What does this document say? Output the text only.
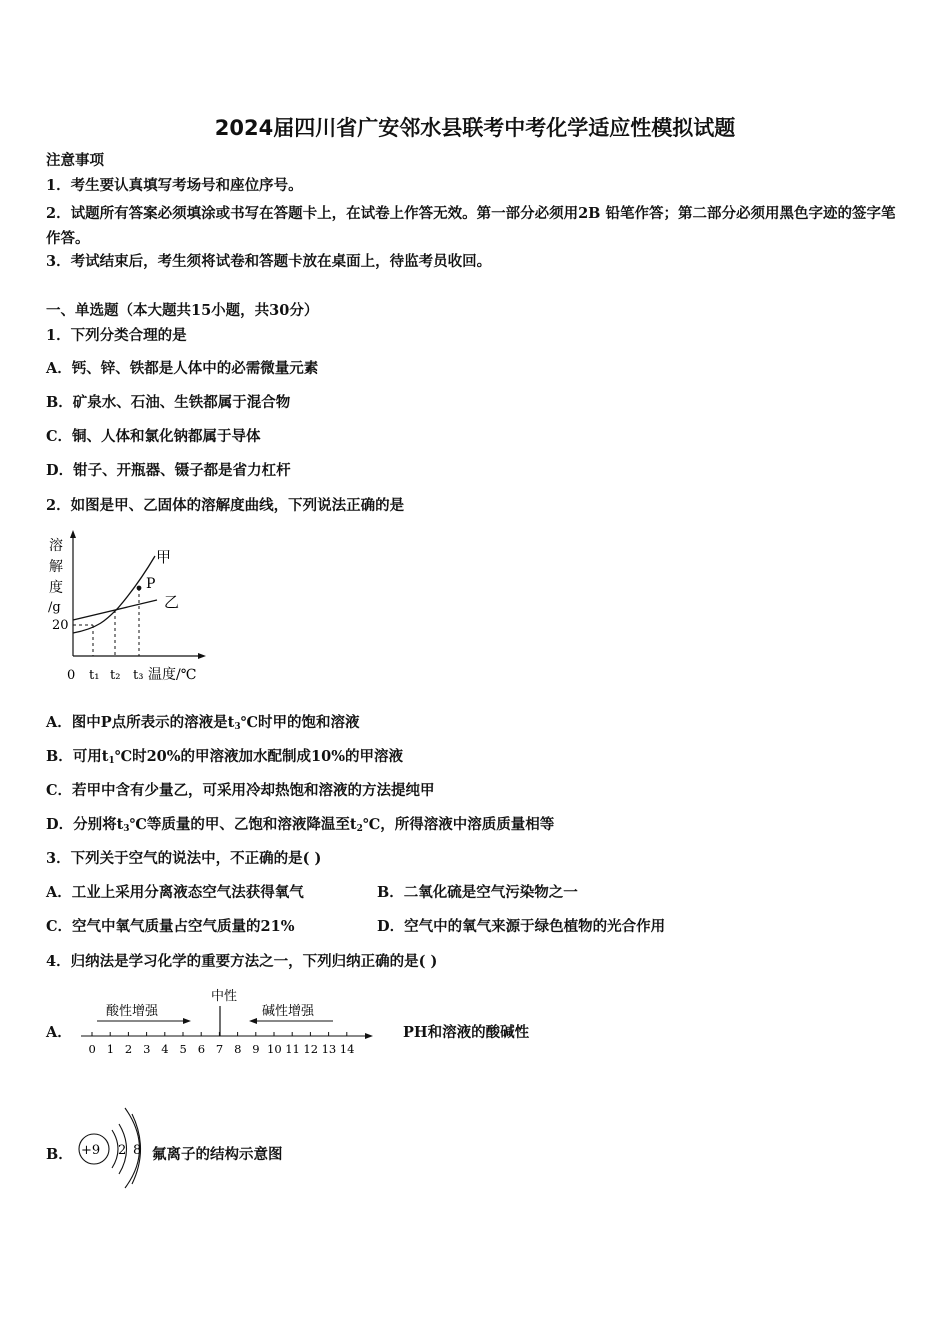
2024届四川省广安邻水县联考中考化学适应性模拟试题
注意事项
1．考生要认真填写考场号和座位序号。
2．试题所有答案必须填涂或书写在答题卡上，在试卷上作答无效。第一部分必须用2B 铅笔作答；第二部分必须用黑色字迹的签字笔作答。
3．考试结束后，考生须将试卷和答题卡放在桌面上，待监考员收回。
一、单选题（本大题共15小题，共30分）
1．下列分类合理的是
A．钙、锌、铁都是人体中的必需微量元素
B．矿泉水、石油、生铁都属于混合物
C．铜、人体和氯化钠都属于导体
D．钳子、开瓶器、镊子都是省力杠杆
2．如图是甲、乙固体的溶解度曲线，下列说法正确的是
溶
解
度
/g
20
P
甲
乙
0 t₁ t₂ t₃ 温度/℃
A．图中P点所表示的溶液是$t_3℃$时甲的饱和溶液
B．可用$t_1℃$时20%的甲溶液加水配制成10%的甲溶液
C．若甲中含有少量乙，可采用冷却热饱和溶液的方法提纯甲
D．分别将$t_3℃$等质量的甲、乙饱和溶液降温至$t_2℃$，所得溶液中溶质质量相等
3．下列关于空气的说法中，不正确的是( )
A．工业上采用分离液态空气法获得氧气	B．二氧化硫是空气污染物之一
C．空气中氧气质量占空气质量的21%	D．空气中的氧气来源于绿色植物的光合作用
4．归纳法是学习化学的重要方法之一，下列归纳正确的是( )
A．
中性
酸性增强	碱性增强
0 1 2 3 4 5 6 7 8 9 10 11 12 13 14
PH和溶液的酸碱性
B． +9 2 8 氟离子的结构示意图
